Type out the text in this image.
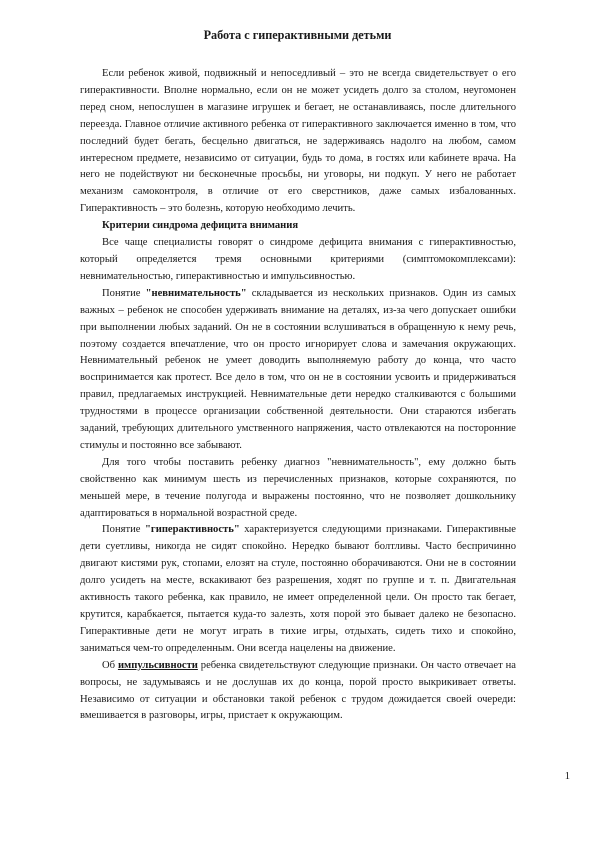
Работа с гиперактивными детьми

Если ребенок живой, подвижный и непоседливый – это не всегда свидетельствует о его гиперактивности. Вполне нормально, если он не может усидеть долго за столом, неугомонен перед сном, непослушен в магазине игрушек и бегает, не останавливаясь, после длительного переезда. Главное отличие активного ребенка от гиперактивного заключается именно в том, что последний будет бегать, бесцельно двигаться, не задерживаясь надолго на любом, самом интересном предмете, независимо от ситуации, будь то дома, в гостях или кабинете врача. На него не подействуют ни бесконечные просьбы, ни уговоры, ни подкуп. У него не работает механизм самоконтроля, в отличие от его сверстников, даже самых избалованных. Гиперактивность – это болезнь, которую необходимо лечить.

Критерии синдрома дефицита внимания

Все чаще специалисты говорят о синдроме дефицита внимания с гиперактивностью, который определяется тремя основными критериями (симптомокомплексами): невнимательностью, гиперактивностью и импульсивностью.

Понятие "невнимательность" складывается из нескольких признаков. Один из самых важных – ребенок не способен удерживать внимание на деталях, из-за чего допускает ошибки при выполнении любых заданий. Он не в состоянии вслушиваться в обращенную к нему речь, поэтому создается впечатление, что он просто игнорирует слова и замечания окружающих. Невнимательный ребенок не умеет доводить выполняемую работу до конца, что часто воспринимается как протест. Все дело в том, что он не в состоянии усвоить и придерживаться правил, предлагаемых инструкцией. Невнимательные дети нередко сталкиваются с большими трудностями в процессе организации собственной деятельности. Они стараются избегать заданий, требующих длительного умственного напряжения, часто отвлекаются на посторонние стимулы и постоянно все забывают.

Для того чтобы поставить ребенку диагноз "невнимательность", ему должно быть свойственно как минимум шесть из перечисленных признаков, которые сохраняются, по меньшей мере, в течение полугода и выражены постоянно, что не позволяет дошкольнику адаптироваться в нормальной возрастной среде.

Понятие "гиперактивность" характеризуется следующими признаками. Гиперактивные дети суетливы, никогда не сидят спокойно. Нередко бывают болтливы. Часто беспричинно двигают кистями рук, стопами, елозят на стуле, постоянно оборачиваются. Они не в состоянии долго усидеть на месте, вскакивают без разрешения, ходят по группе и т. п. Двигательная активность такого ребенка, как правило, не имеет определенной цели. Он просто так бегает, крутится, карабкается, пытается куда-то залезть, хотя порой это бывает далеко не безопасно. Гиперактивные дети не могут играть в тихие игры, отдыхать, сидеть тихо и спокойно, заниматься чем-то определенным. Они всегда нацелены на движение.

Об импульсивности ребенка свидетельствуют следующие признаки. Он часто отвечает на вопросы, не задумываясь и не дослушав их до конца, порой просто выкрикивает ответы. Независимо от ситуации и обстановки такой ребенок с трудом дожидается своей очереди: вмешивается в разговоры, игры, пристает к окружающим.

1
